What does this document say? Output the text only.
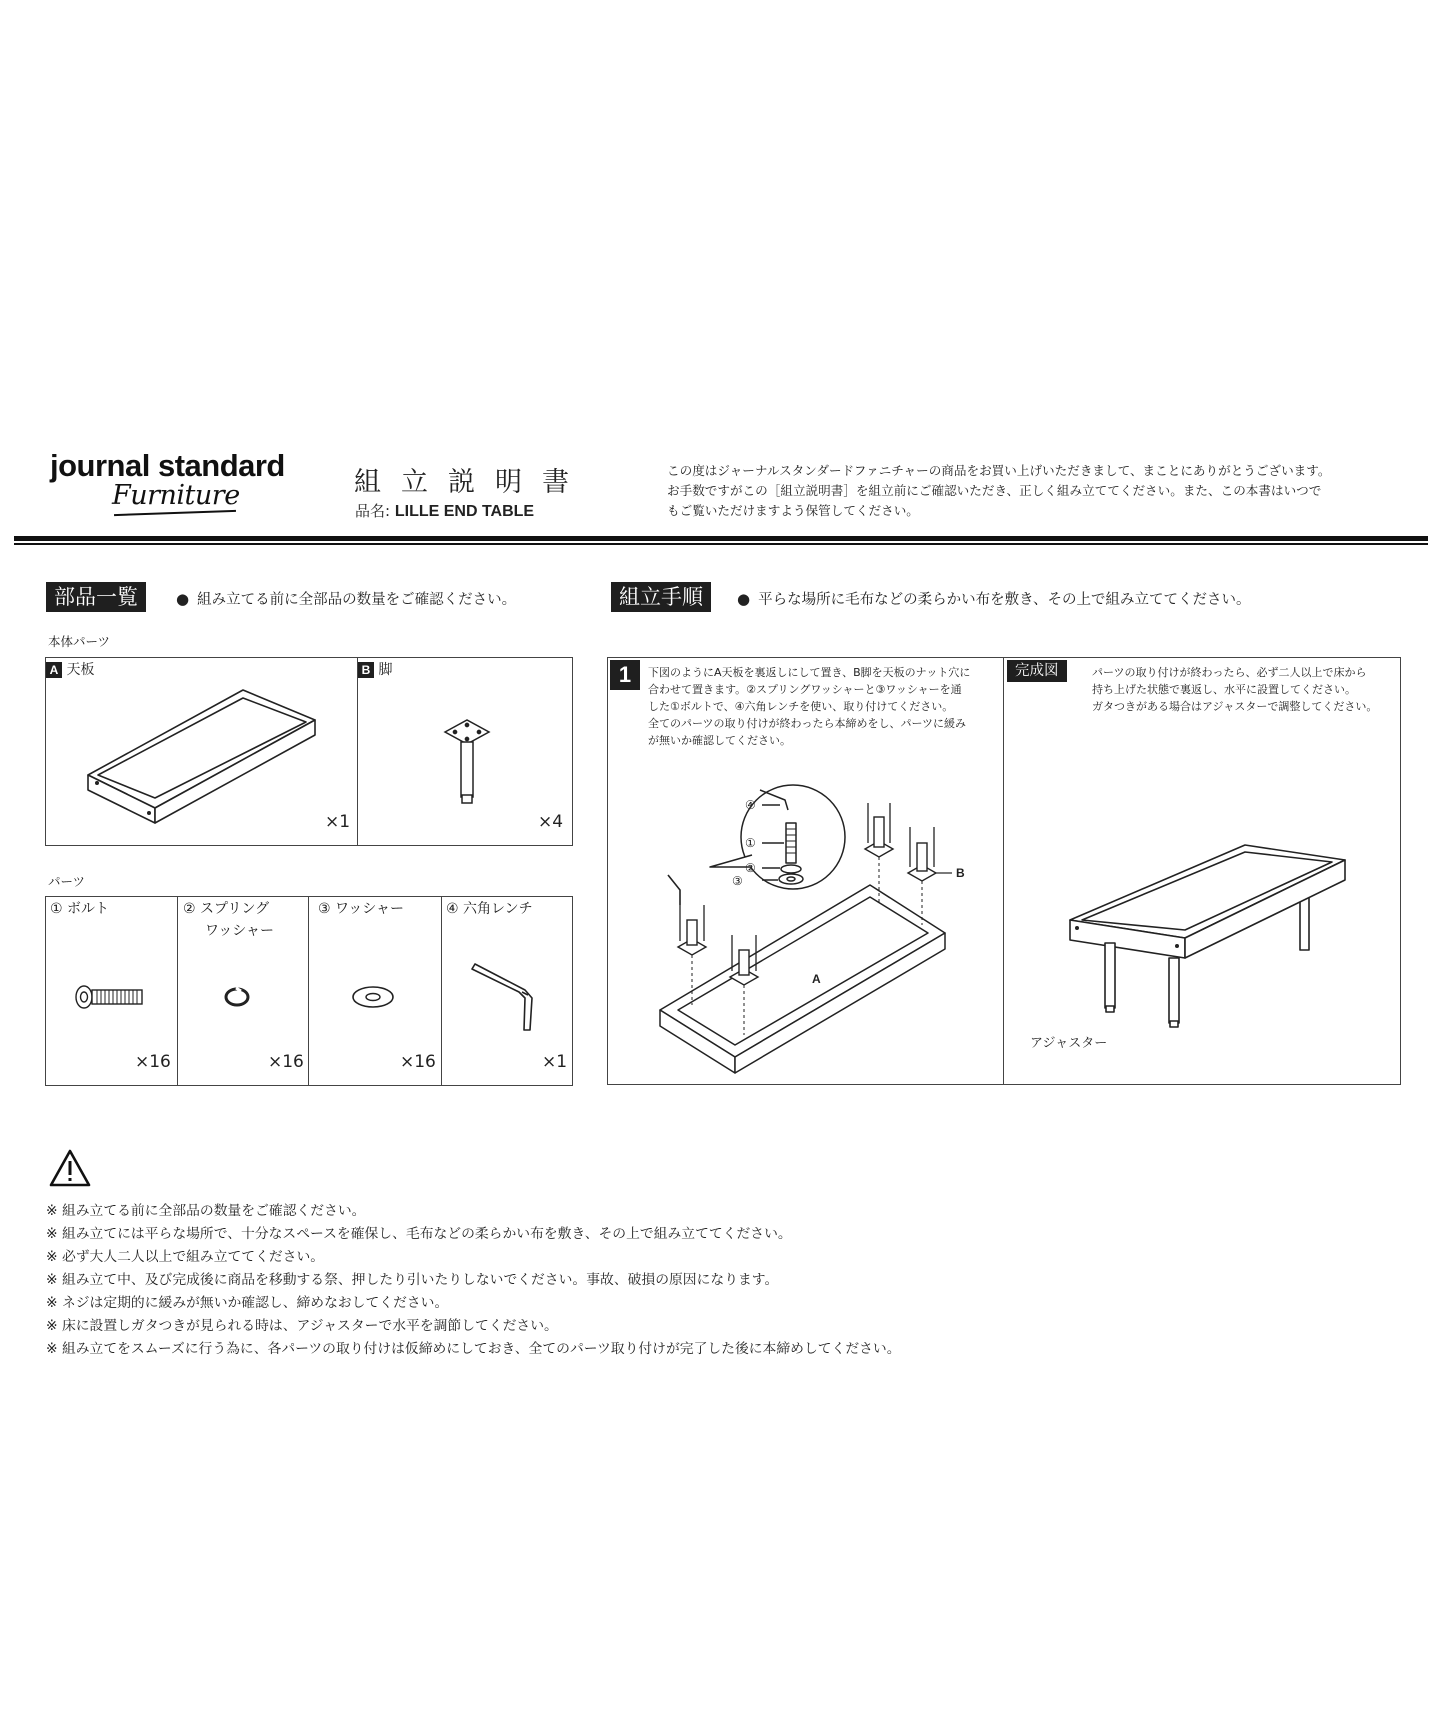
journal standard
Furniture	組立説明書
品名: LILLE END TABLE
この度はジャーナルスタンダードファニチャーの商品をお買い上げいただきまして、まことにありがとうございます。
お手数ですがこの［組立説明書］を組立前にご確認いただき、正しく組み立ててください。また、この本書はいつで
もご覧いただけますよう保管してください。
部品一覧	● 組み立てる前に全部品の数量をご確認ください。
本体パーツ
A 天板	B 脚
×1	×4
パーツ
① ボルト	② スプリング
ワッシャー
③ ワッシャー	④ 六角レンチ
×16	×16	×16	×1
組立手順	● 平らな場所に毛布などの柔らかい布を敷き、その上で組み立ててください。
1	下図のようにA天板を裏返しにして置き、B脚を天板のナット穴に
合わせて置きます。②スプリングワッシャーと③ワッシャーを通
した①ボルトで、④六角レンチを使い、取り付けてください。
全てのパーツの取り付けが終わったら本締めをし、パーツに緩み
が無いか確認してください。
④
①
②
③
A
B
完成図	パーツの取り付けが終わったら、必ず二人以上で床から
持ち上げた状態で裏返し、水平に設置してください。
ガタつきがある場合はアジャスターで調整してください。
アジャスター
※ 組み立てる前に全部品の数量をご確認ください。
※ 組み立てには平らな場所で、十分なスペースを確保し、毛布などの柔らかい布を敷き、その上で組み立ててください。
※ 必ず大人二人以上で組み立ててください。
※ 組み立て中、及び完成後に商品を移動する祭、押したり引いたりしないでください。事故、破損の原因になります。
※ ネジは定期的に緩みが無いか確認し、締めなおしてください。
※ 床に設置しガタつきが見られる時は、アジャスターで水平を調節してください。
※ 組み立てをスムーズに行う為に、各パーツの取り付けは仮締めにしておき、全てのパーツ取り付けが完了した後に本締めしてください。
